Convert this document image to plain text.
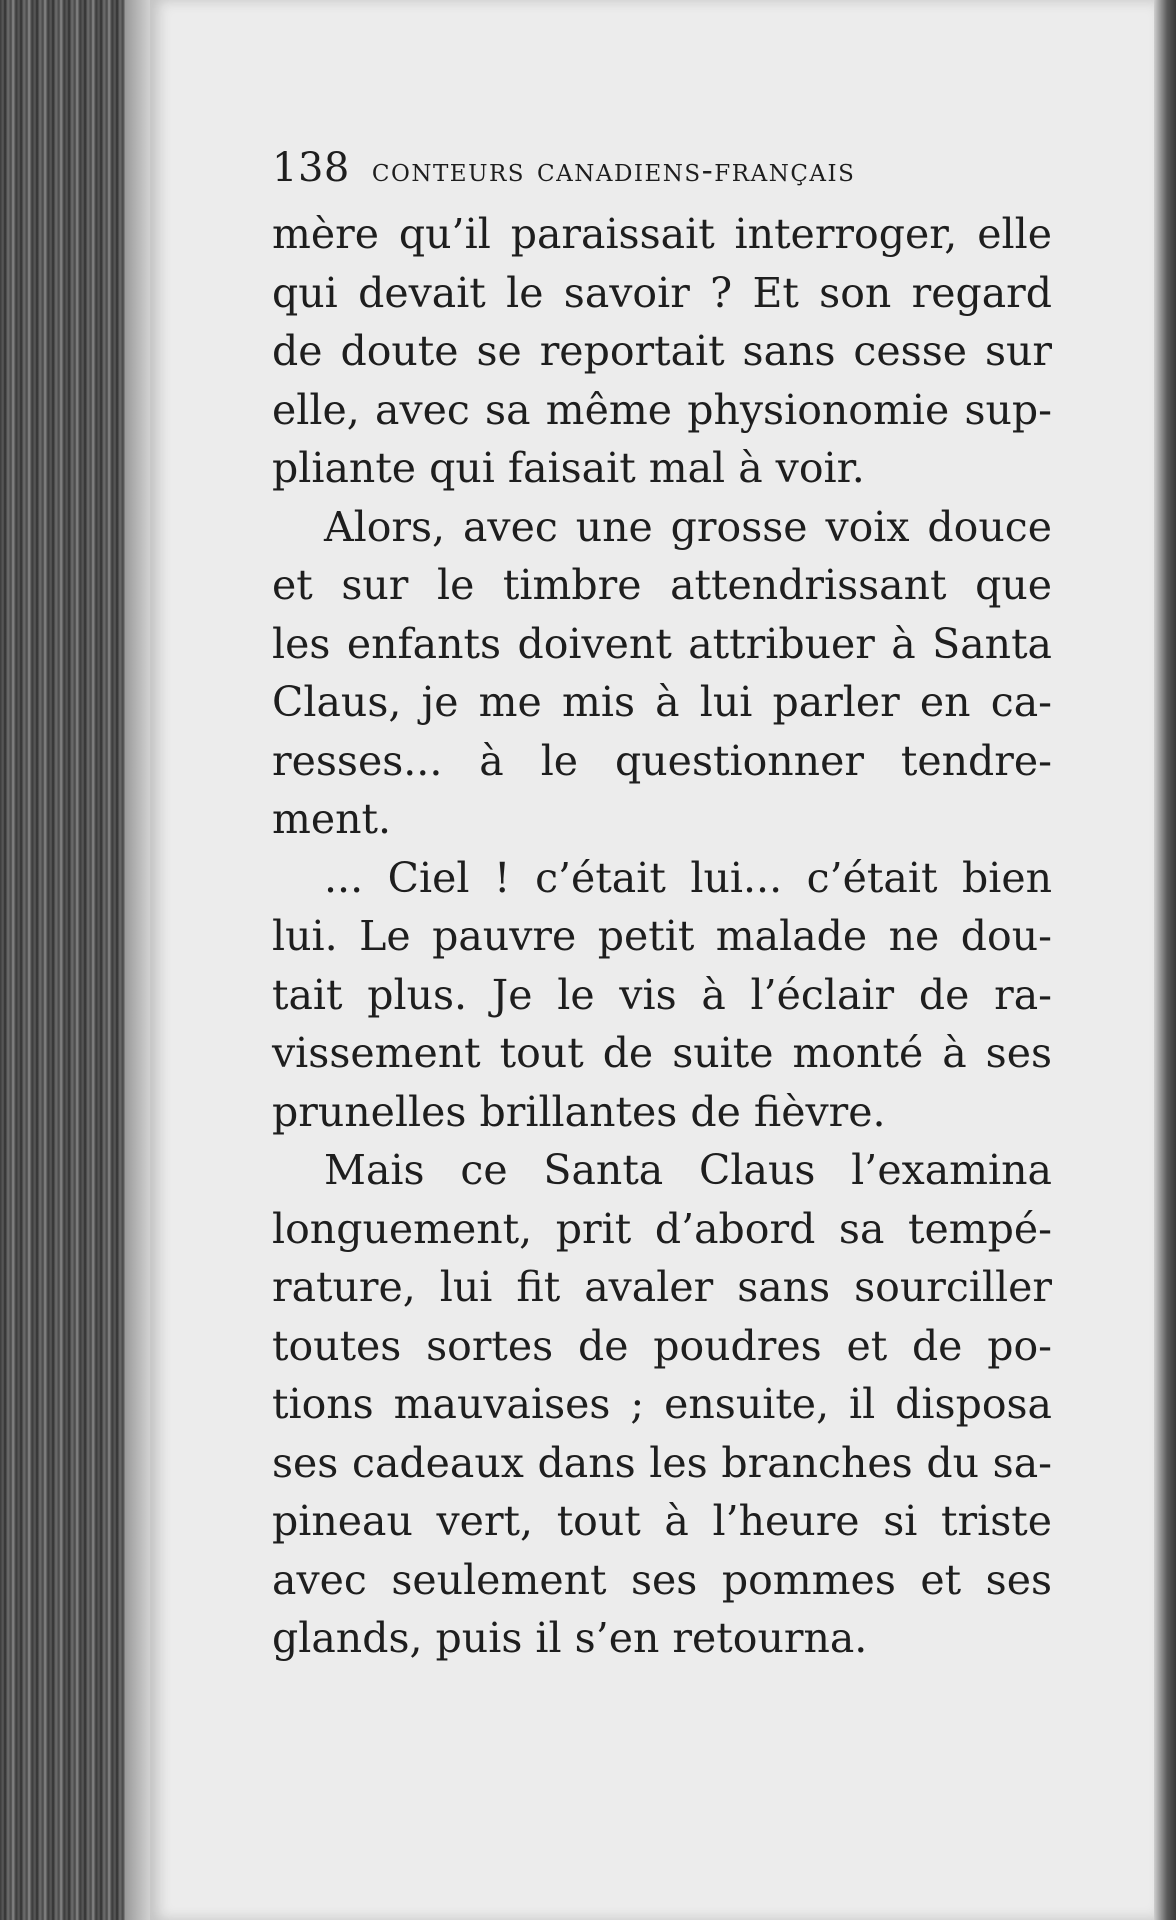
138 conteurs canadiens-français
mère qu’il paraissait interroger, elle
qui devait le savoir ? Et son regard
de doute se reportait sans cesse sur
elle, avec sa même physionomie sup-
pliante qui faisait mal à voir.
Alors, avec une grosse voix douce
et sur le timbre attendrissant que
les enfants doivent attribuer à Santa
Claus, je me mis à lui parler en ca-
resses... à le questionner tendre-
ment.
... Ciel ! c’était lui... c’était bien
lui. Le pauvre petit malade ne dou-
tait plus. Je le vis à l’éclair de ra-
vissement tout de suite monté à ses
prunelles brillantes de fièvre.
Mais ce Santa Claus l’examina
longuement, prit d’abord sa tempé-
rature, lui fit avaler sans sourciller
toutes sortes de poudres et de po-
tions mauvaises ; ensuite, il disposa
ses cadeaux dans les branches du sa-
pineau vert, tout à l’heure si triste
avec seulement ses pommes et ses
glands, puis il s’en retourna.
